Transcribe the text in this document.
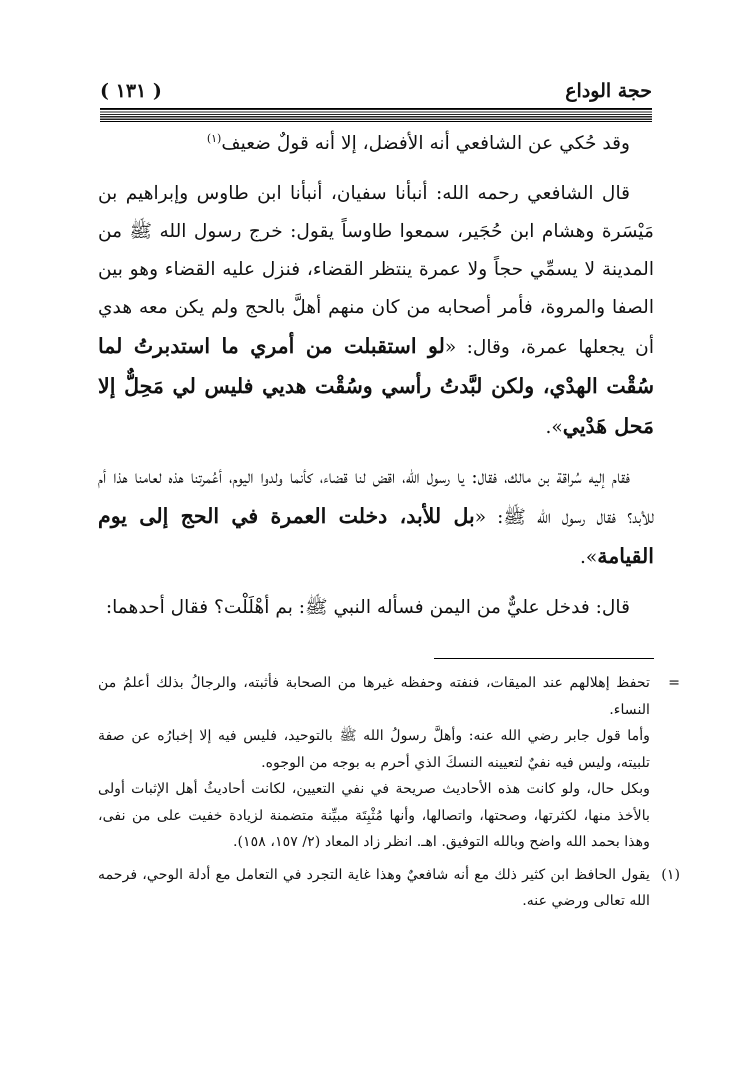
حجة الوداع
( ١٣١ )

وقد حُكي عن الشافعي أنه الأفضل، إلا أنه قولٌ ضعيف$^{(١)}$

قال الشافعي رحمه الله: أنبأنا سفيان، أنبأنا ابن طاوس وإبراهيم بن مَيْسَرة وهشام ابن حُجَير، سمعوا طاوساً يقول: خرج رسول الله ﷺ من المدينة لا يسمِّي حجاً ولا عمرة ينتظر القضاء، فنزل عليه القضاء وهو بين الصفا والمروة، فأمر أصحابه من كان منهم أهلَّ بالحج ولم يكن معه هدي أن يجعلها عمرة، وقال: «لو استقبلت من أمري ما استدبرتُ لما سُقْت الهدْي، ولكن لبَّدتُ رأسي وسُقْت هديي فليس لي مَحِلٌّ إلا مَحل هَدْيي».

فقام إليه سُراقة بن مالك، فقال: يا رسول الله، اقض لنا قضاء، كأنما ولدوا اليوم، أعُمرتنا هذه لعامنا هذا أم للأبد؟ فقال رسول الله ﷺ: «بل للأبد، دخلت العمرة في الحج إلى يوم القيامة».

قال: فدخل عليٌّ من اليمن فسأله النبي ﷺ: بم أهْلَلْت؟ فقال أحدهما:

=

تحفظ إهلالهم عند الميقات، فنفته وحفظه غيرها من الصحابة فأثبته، والرجالُ بذلك أعلمُ من النساء.

وأما قول جابر رضي الله عنه: وأهلَّ رسولُ الله ﷺ بالتوحيد، فليس فيه إلا إخبارُه عن صفة تلبيته، وليس فيه نفيٌ لتعيينه النسكَ الذي أحرم به بوجه من الوجوه.

وبكل حال، ولو كانت هذه الأحاديث صريحة في نفي التعيين، لكانت أحاديثُ أهل الإثبات أولى بالأخذ منها، لكثرتها، وصحتها، واتصالها، وأنها مُثْبِتَة مبيِّنة متضمنة لزيادة خفيت على من نفى، وهذا بحمد الله واضح وبالله التوفيق. اهـ. انظر زاد المعاد (٢/ ١٥٧، ١٥٨).

(١)

يقول الحافظ ابن كثير ذلك مع أنه شافعيٌ وهذا غاية التجرد في التعامل مع أدلة الوحي، فرحمه الله تعالى ورضي عنه.
